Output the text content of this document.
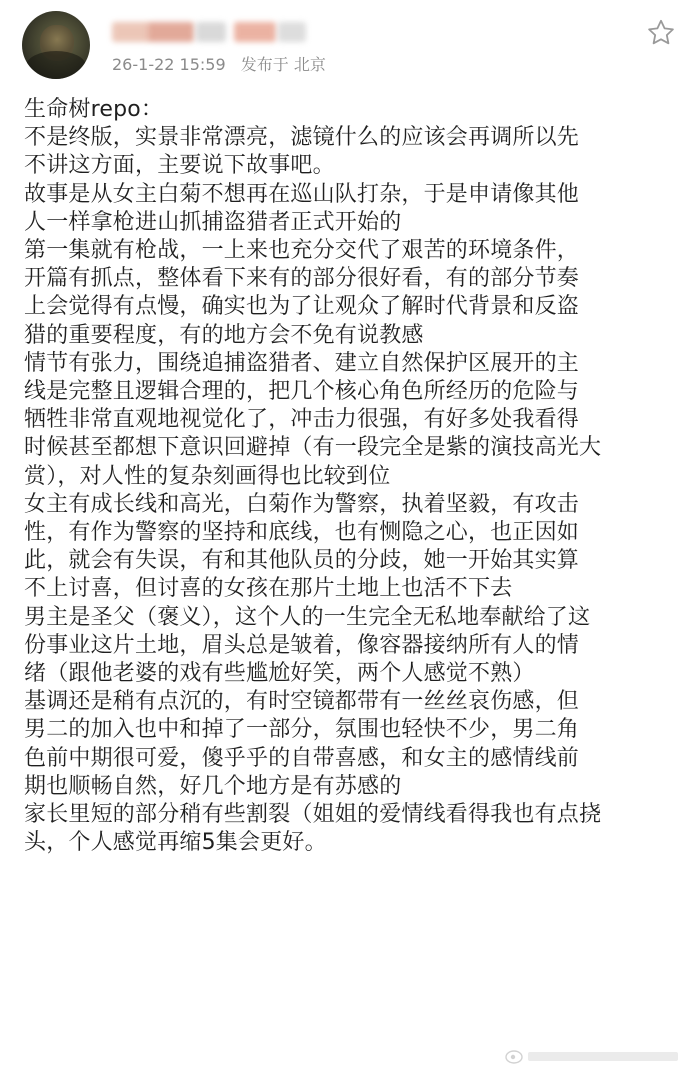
26-1-22 15:59 发布于 北京

生命树repo：

不是终版，实景非常漂亮，滤镜什么的应该会再调所以先
不讲这方面，主要说下故事吧。

故事是从女主白菊不想再在巡山队打杂，于是申请像其他
人一样拿枪进山抓捕盗猎者正式开始的

第一集就有枪战，一上来也充分交代了艰苦的环境条件，
开篇有抓点，整体看下来有的部分很好看，有的部分节奏
上会觉得有点慢，确实也为了让观众了解时代背景和反盗
猎的重要程度，有的地方会不免有说教感

情节有张力，围绕追捕盗猎者、建立自然保护区展开的主
线是完整且逻辑合理的，把几个核心角色所经历的危险与
牺牲非常直观地视觉化了，冲击力很强，有好多处我看得
时候甚至都想下意识回避掉（有一段完全是紫的演技高光大
赏），对人性的复杂刻画得也比较到位

女主有成长线和高光，白菊作为警察，执着坚毅，有攻击
性，有作为警察的坚持和底线，也有恻隐之心，也正因如
此，就会有失误，有和其他队员的分歧，她一开始其实算
不上讨喜，但讨喜的女孩在那片土地上也活不下去

男主是圣父（褒义），这个人的一生完全无私地奉献给了这
份事业这片土地，眉头总是皱着，像容器接纳所有人的情
绪（跟他老婆的戏有些尴尬好笑，两个人感觉不熟）

基调还是稍有点沉的，有时空镜都带有一丝丝哀伤感，但
男二的加入也中和掉了一部分，氛围也轻快不少，男二角
色前中期很可爱，傻乎乎的自带喜感，和女主的感情线前
期也顺畅自然，好几个地方是有苏感的

家长里短的部分稍有些割裂（姐姐的爱情线看得我也有点挠
头，个人感觉再缩5集会更好。
